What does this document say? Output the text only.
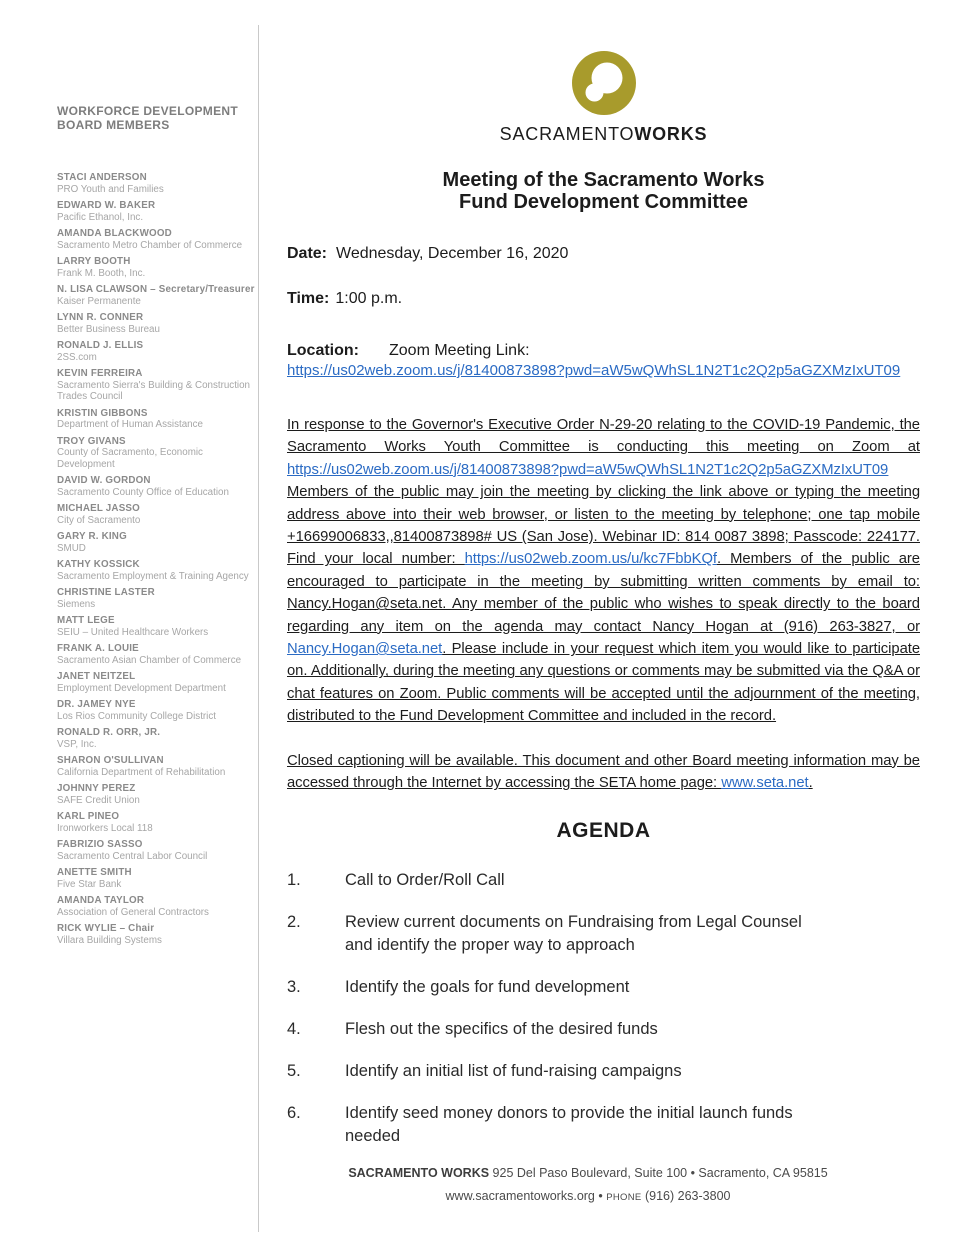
WORKFORCE DEVELOPMENT BOARD MEMBERS
STACI ANDERSON
PRO Youth and Families
EDWARD W. BAKER
Pacific Ethanol, Inc.
AMANDA BLACKWOOD
Sacramento Metro Chamber of Commerce
LARRY BOOTH
Frank M. Booth, Inc.
N. LISA CLAWSON – Secretary/Treasurer
Kaiser Permanente
LYNN R. CONNER
Better Business Bureau
RONALD J. ELLIS
2SS.com
KEVIN FERREIRA
Sacramento Sierra's Building & Construction Trades Council
KRISTIN GIBBONS
Department of Human Assistance
TROY GIVANS
County of Sacramento, Economic Development
DAVID W. GORDON
Sacramento County Office of Education
MICHAEL JASSO
City of Sacramento
GARY R. KING
SMUD
KATHY KOSSICK
Sacramento Employment & Training Agency
CHRISTINE LASTER
Siemens
MATT LEGE
SEIU – United Healthcare Workers
FRANK A. LOUIE
Sacramento Asian Chamber of Commerce
JANET NEITZEL
Employment Development Department
DR. JAMEY NYE
Los Rios Community College District
RONALD R. ORR, JR.
VSP, Inc.
SHARON O'SULLIVAN
California Department of Rehabilitation
JOHNNY PEREZ
SAFE Credit Union
KARL PINEO
Ironworkers Local 118
FABRIZIO SASSO
Sacramento Central Labor Council
ANETTE SMITH
Five Star Bank
AMANDA TAYLOR
Association of General Contractors
RICK WYLIE – Chair
Villara Building Systems
SACRAMENTOWORKS
Meeting of the Sacramento Works
Fund Development Committee
Date: Wednesday, December 16, 2020
Time: 1:00 p.m.
Location: Zoom Meeting Link:
https://us02web.zoom.us/j/81400873898?pwd=aW5wQWhSL1N2T1c2Q2p5aGZXMzIxUT09

In response to the Governor's Executive Order N-29-20 relating to the COVID-19 Pandemic, the Sacramento Works Youth Committee is conducting this meeting on Zoom at https://us02web.zoom.us/j/81400873898?pwd=aW5wQWhSL1N2T1c2Q2p5aGZXMzIxUT09 Members of the public may join the meeting by clicking the link above or typing the meeting address above into their web browser, or listen to the meeting by telephone; one tap mobile +16699006833,,81400873898# US (San Jose). Webinar ID: 814 0087 3898; Passcode: 224177. Find your local number: https://us02web.zoom.us/u/kc7FbbKQf. Members of the public are encouraged to participate in the meeting by submitting written comments by email to: Nancy.Hogan@seta.net. Any member of the public who wishes to speak directly to the board regarding any item on the agenda may contact Nancy Hogan at (916) 263-3827, or Nancy.Hogan@seta.net. Please include in your request which item you would like to participate on. Additionally, during the meeting any questions or comments may be submitted via the Q&A or chat features on Zoom. Public comments will be accepted until the adjournment of the meeting, distributed to the Fund Development Committee and included in the record.

Closed captioning will be available. This document and other Board meeting information may be accessed through the Internet by accessing the SETA home page: www.seta.net.

AGENDA
1.	Call to Order/Roll Call
2.	Review current documents on Fundraising from Legal Counsel and identify the proper way to approach
3.	Identify the goals for fund development
4.	Flesh out the specifics of the desired funds
5.	Identify an initial list of fund-raising campaigns
6.	Identify seed money donors to provide the initial launch funds needed
SACRAMENTO WORKS 925 Del Paso Boulevard, Suite 100 • Sacramento, CA 95815
www.sacramentoworks.org • PHONE (916) 263-3800
